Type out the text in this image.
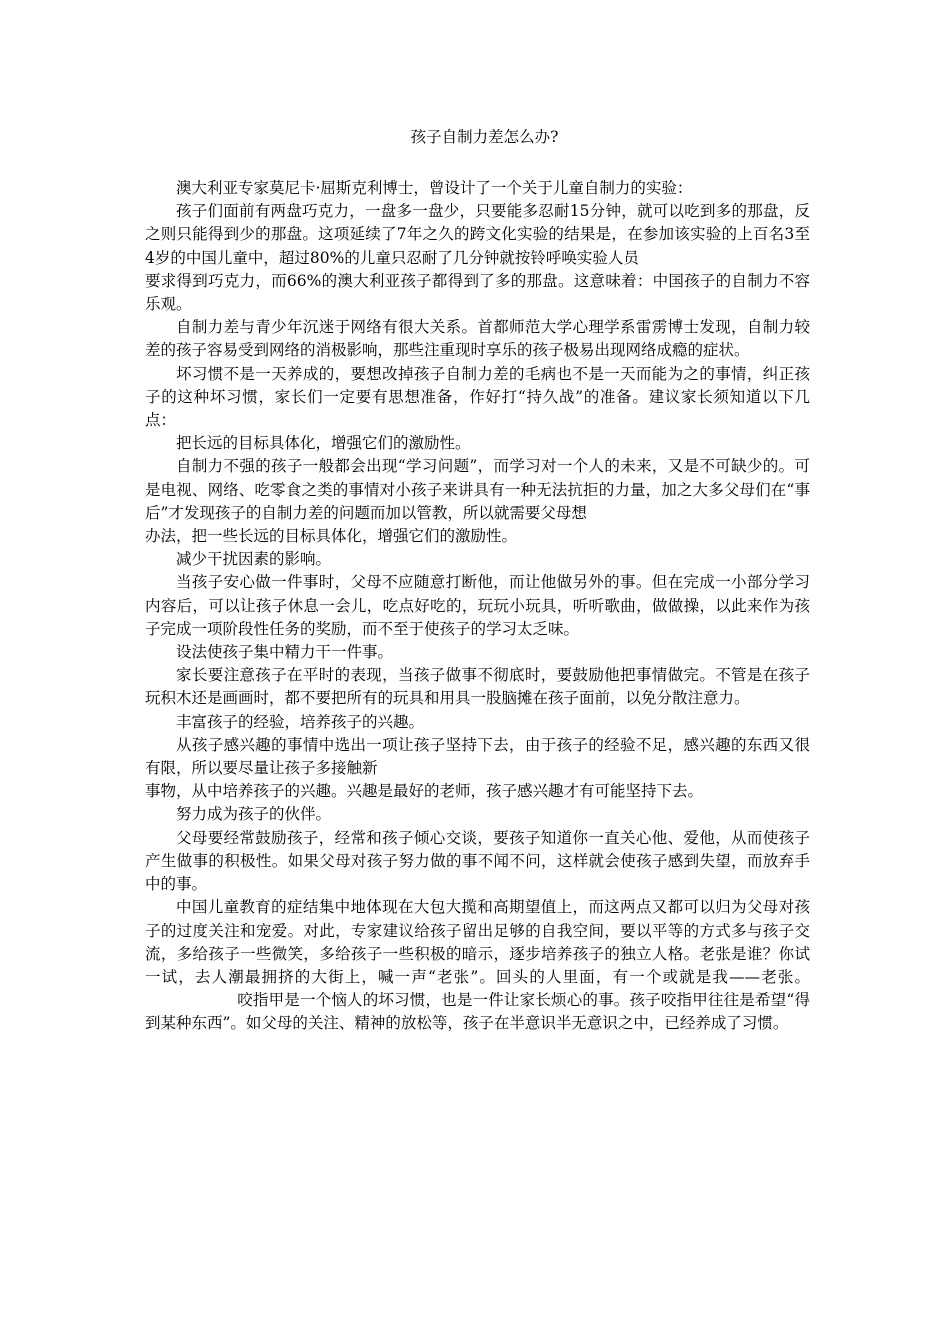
孩子自制力差怎么办?

澳大利亚专家莫尼卡·屈斯克利博士，曾设计了一个关于儿童自制力的实验：

孩子们面前有两盘巧克力，一盘多一盘少，只要能多忍耐15分钟，就可以吃到多的那盘，反之则只能得到少的那盘。这项延续了7年之久的跨文化实验的结果是，在参加该实验的上百名3至4岁的中国儿童中，超过80%的儿童只忍耐了几分钟就按铃呼唤实验人员
要求得到巧克力，而66%的澳大利亚孩子都得到了多的那盘。这意味着：中国孩子的自制力不容乐观。

自制力差与青少年沉迷于网络有很大关系。首都师范大学心理学系雷雳博士发现，自制力较差的孩子容易受到网络的消极影响，那些注重现时享乐的孩子极易出现网络成瘾的症状。

坏习惯不是一天养成的，要想改掉孩子自制力差的毛病也不是一天而能为之的事情，纠正孩子的这种坏习惯，家长们一定要有思想准备，作好打“持久战”的准备。建议家长须知道以下几点：

把长远的目标具体化，增强它们的激励性。

自制力不强的孩子一般都会出现“学习问题”，而学习对一个人的未来，又是不可缺少的。可是电视、网络、吃零食之类的事情对小孩子来讲具有一种无法抗拒的力量，加之大多父母们在“事后”才发现孩子的自制力差的问题而加以管教，所以就需要父母想
办法，把一些长远的目标具体化，增强它们的激励性。

减少干扰因素的影响。

当孩子安心做一件事时，父母不应随意打断他，而让他做另外的事。但在完成一小部分学习内容后，可以让孩子休息一会儿，吃点好吃的，玩玩小玩具，听听歌曲，做做操，以此来作为孩子完成一项阶段性任务的奖励，而不至于使孩子的学习太乏味。

设法使孩子集中精力干一件事。

家长要注意孩子在平时的表现，当孩子做事不彻底时，要鼓励他把事情做完。不管是在孩子玩积木还是画画时，都不要把所有的玩具和用具一股脑摊在孩子面前，以免分散注意力。

丰富孩子的经验，培养孩子的兴趣。

从孩子感兴趣的事情中选出一项让孩子坚持下去，由于孩子的经验不足，感兴趣的东西又很有限，所以要尽量让孩子多接触新
事物，从中培养孩子的兴趣。兴趣是最好的老师，孩子感兴趣才有可能坚持下去。

努力成为孩子的伙伴。

父母要经常鼓励孩子，经常和孩子倾心交谈，要孩子知道你一直关心他、爱他，从而使孩子产生做事的积极性。如果父母对孩子努力做的事不闻不问，这样就会使孩子感到失望，而放弃手中的事。

中国儿童教育的症结集中地体现在大包大揽和高期望值上，而这两点又都可以归为父母对孩子的过度关注和宠爱。对此，专家建议给孩子留出足够的自我空间，要以平等的方式多与孩子交流，多给孩子一些微笑，多给孩子一些积极的暗示，逐步培养孩子的独立人格。老张是谁？你试一试，去人潮最拥挤的大街上，喊一声“老张”。回头的人里面，有一个或就是我——老张。咬指甲是一个恼人的坏习惯，也是一件让家长烦心的事。孩子咬指甲往往是希望“得到某种东西”。如父母的关注、精神的放松等，孩子在半意识半无意识之中，已经养成了习惯。
